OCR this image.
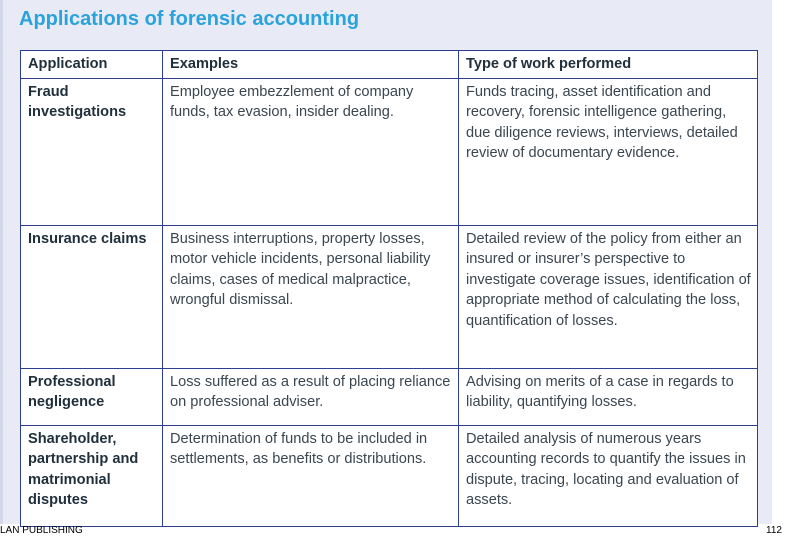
Applications of forensic accounting
Application	Examples	Type of work performed
Fraud investigations	Employee embezzlement of company funds, tax evasion, insider dealing.	Funds tracing, asset identification and recovery, forensic intelligence gathering, due diligence reviews, interviews, detailed review of documentary evidence.
Insurance claims	Business interruptions, property losses, motor vehicle incidents, personal liability claims, cases of medical malpractice, wrongful dismissal.	Detailed review of the policy from either an insured or insurer’s perspective to investigate coverage issues, identification of appropriate method of calculating the loss, quantification of losses.
Professional negligence	Loss suffered as a result of placing reliance on professional adviser.	Advising on merits of a case in regards to liability, quantifying losses.
Shareholder, partnership and matrimonial disputes	Determination of funds to be included in settlements, as benefits or distributions.	Detailed analysis of numerous years accounting records to quantify the issues in dispute, tracing, locating and evaluation of assets.
LAN PUBLISHING	112
